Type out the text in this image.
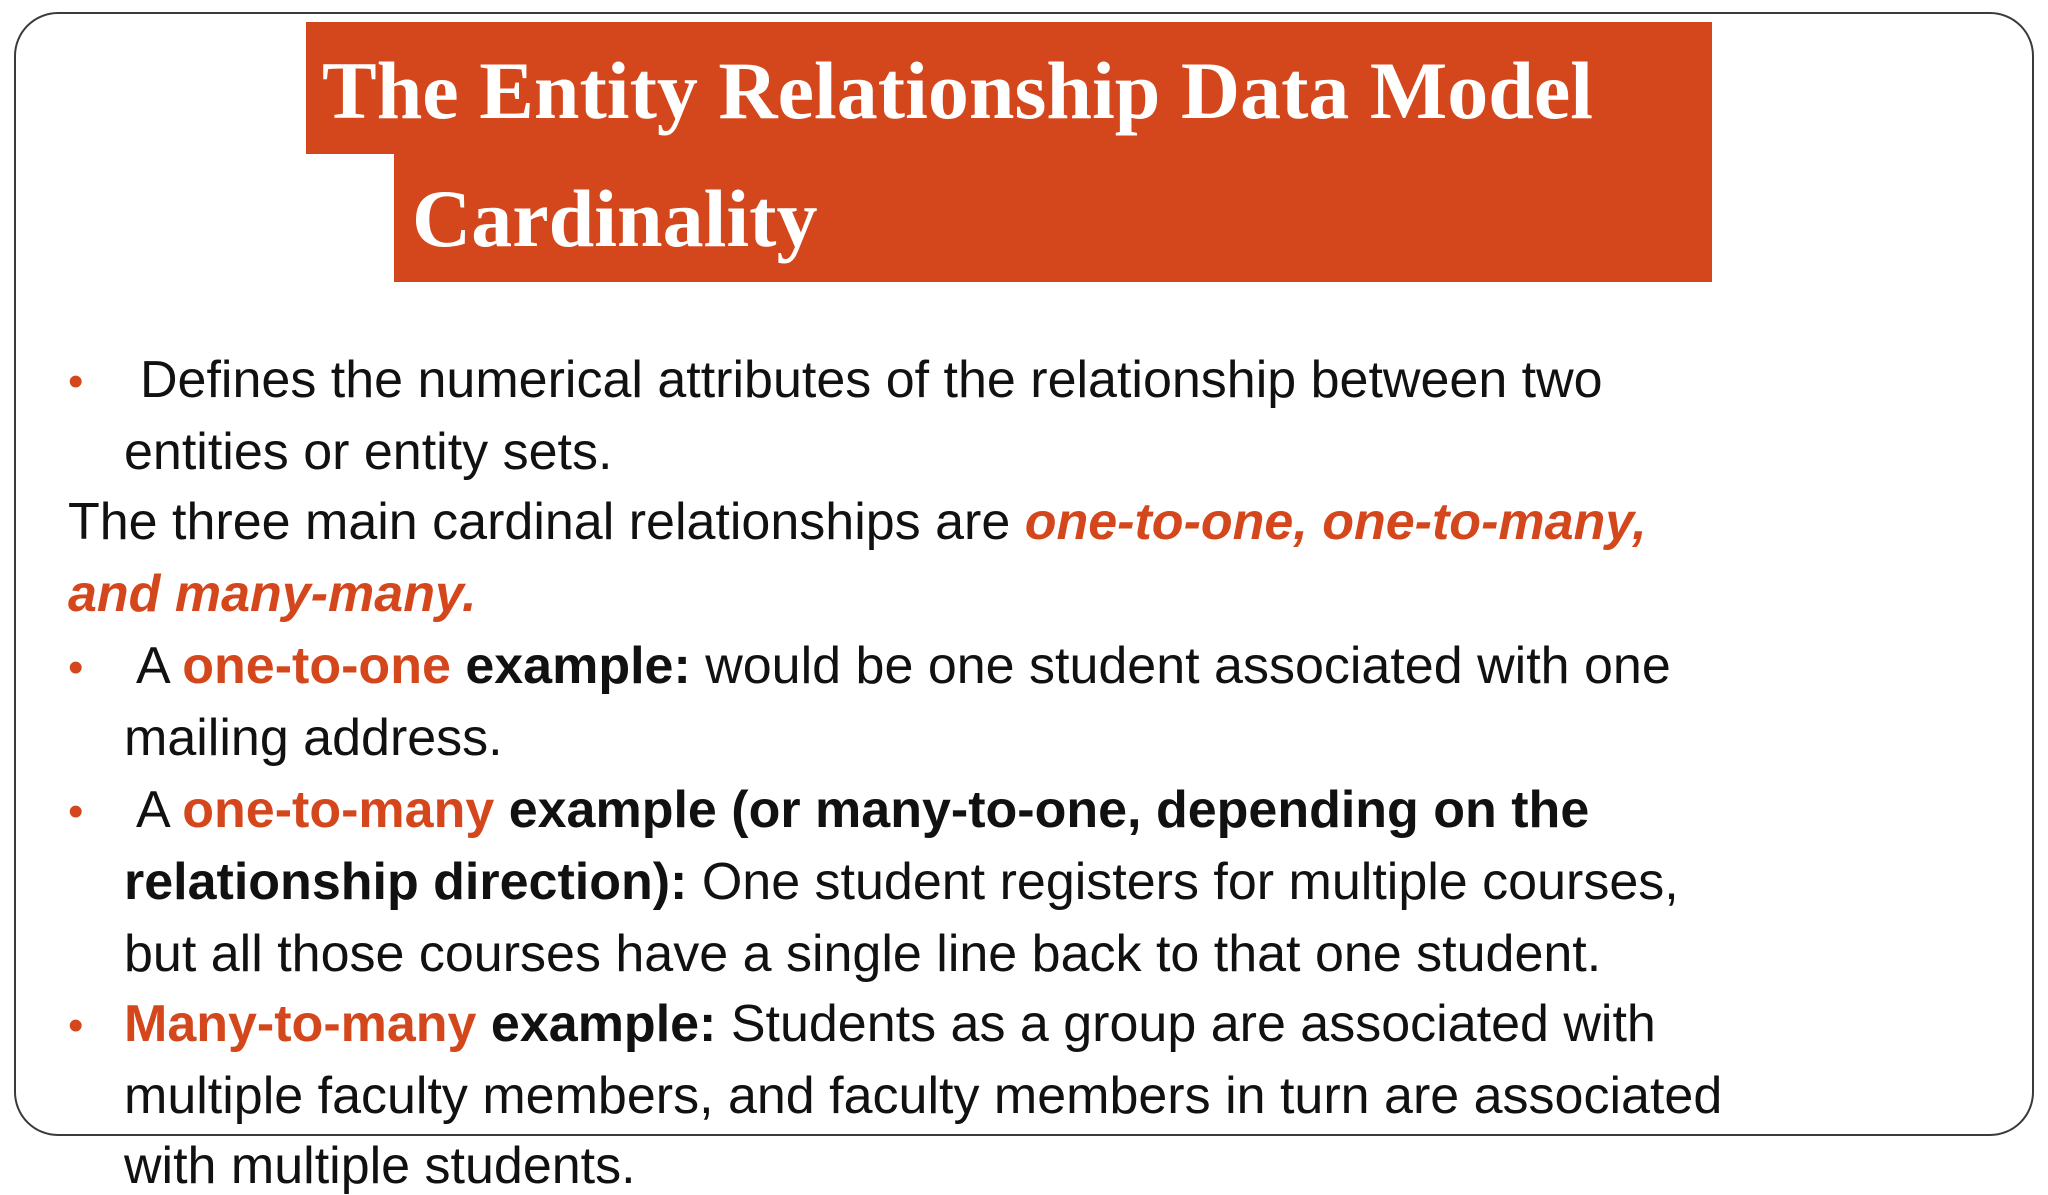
The Entity Relationship Data Model
Cardinality
• Defines the numerical attributes of the relationship between two
entities or entity sets.
The three main cardinal relationships are one-to-one, one-to-many,
and many-many.
• A one-to-one example: would be one student associated with one
mailing address.
• A one-to-many example (or many-to-one, depending on the
relationship direction): One student registers for multiple courses,
but all those courses have a single line back to that one student.
• Many-to-many example: Students as a group are associated with
multiple faculty members, and faculty members in turn are associated
with multiple students.
